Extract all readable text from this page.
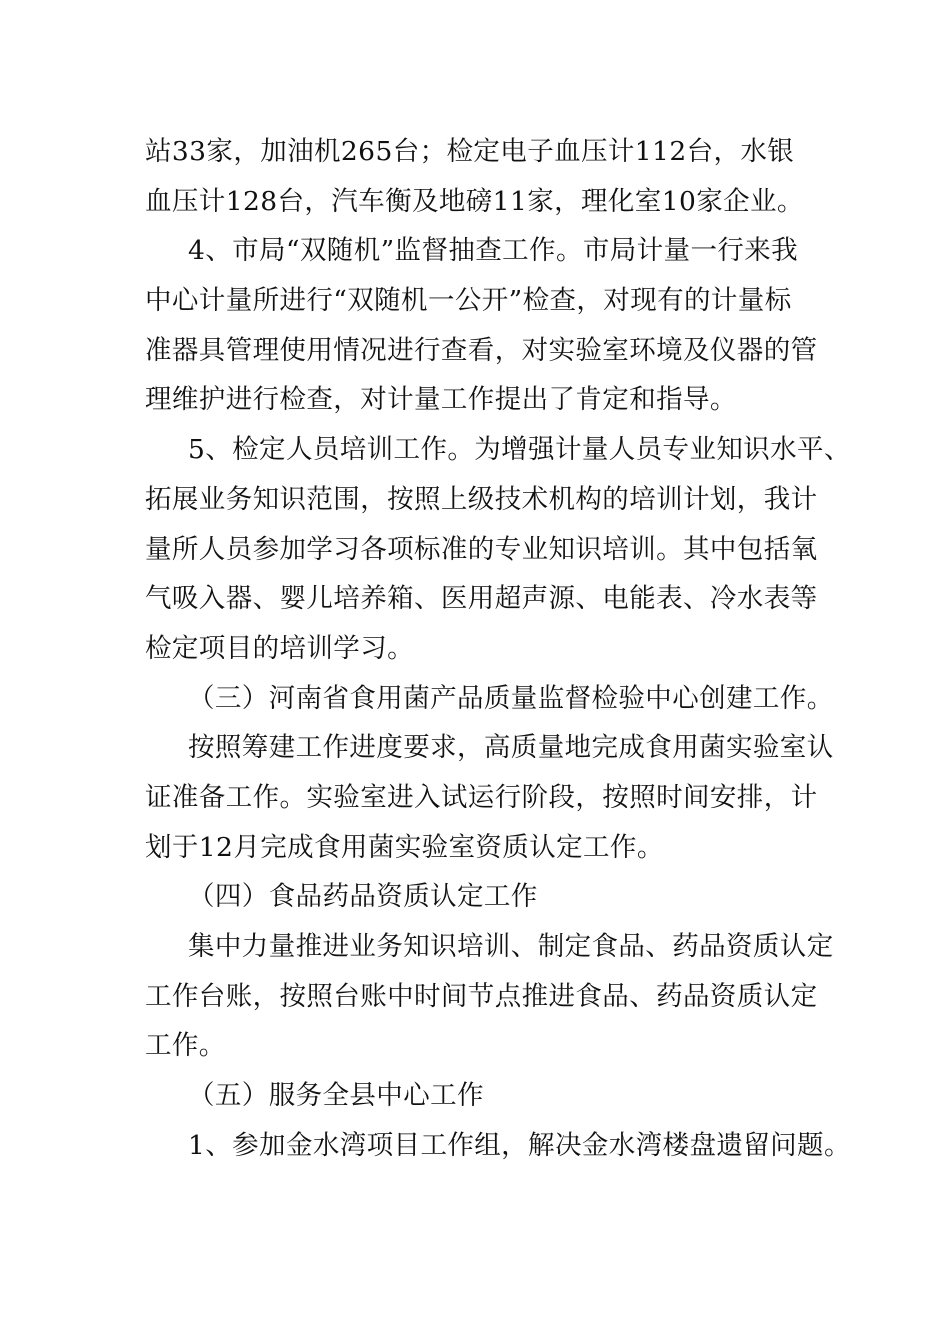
站33家，加油机265台；检定电子血压计112台，水银
血压计128台，汽车衡及地磅11家，理化室10家企业。
4、市局“双随机”监督抽查工作。市局计量一行来我
中心计量所进行“双随机一公开”检查，对现有的计量标
准器具管理使用情况进行查看，对实验室环境及仪器的管
理维护进行检查，对计量工作提出了肯定和指导。
5、检定人员培训工作。为增强计量人员专业知识水平、
拓展业务知识范围，按照上级技术机构的培训计划，我计
量所人员参加学习各项标准的专业知识培训。其中包括氧
气吸入器、婴儿培养箱、医用超声源、电能表、冷水表等
检定项目的培训学习。
（三）河南省食用菌产品质量监督检验中心创建工作。
按照筹建工作进度要求，高质量地完成食用菌实验室认
证准备工作。实验室进入试运行阶段，按照时间安排，计
划于12月完成食用菌实验室资质认定工作。
（四）食品药品资质认定工作
集中力量推进业务知识培训、制定食品、药品资质认定
工作台账，按照台账中时间节点推进食品、药品资质认定
工作。
（五）服务全县中心工作
1、参加金水湾项目工作组，解决金水湾楼盘遗留问题。
